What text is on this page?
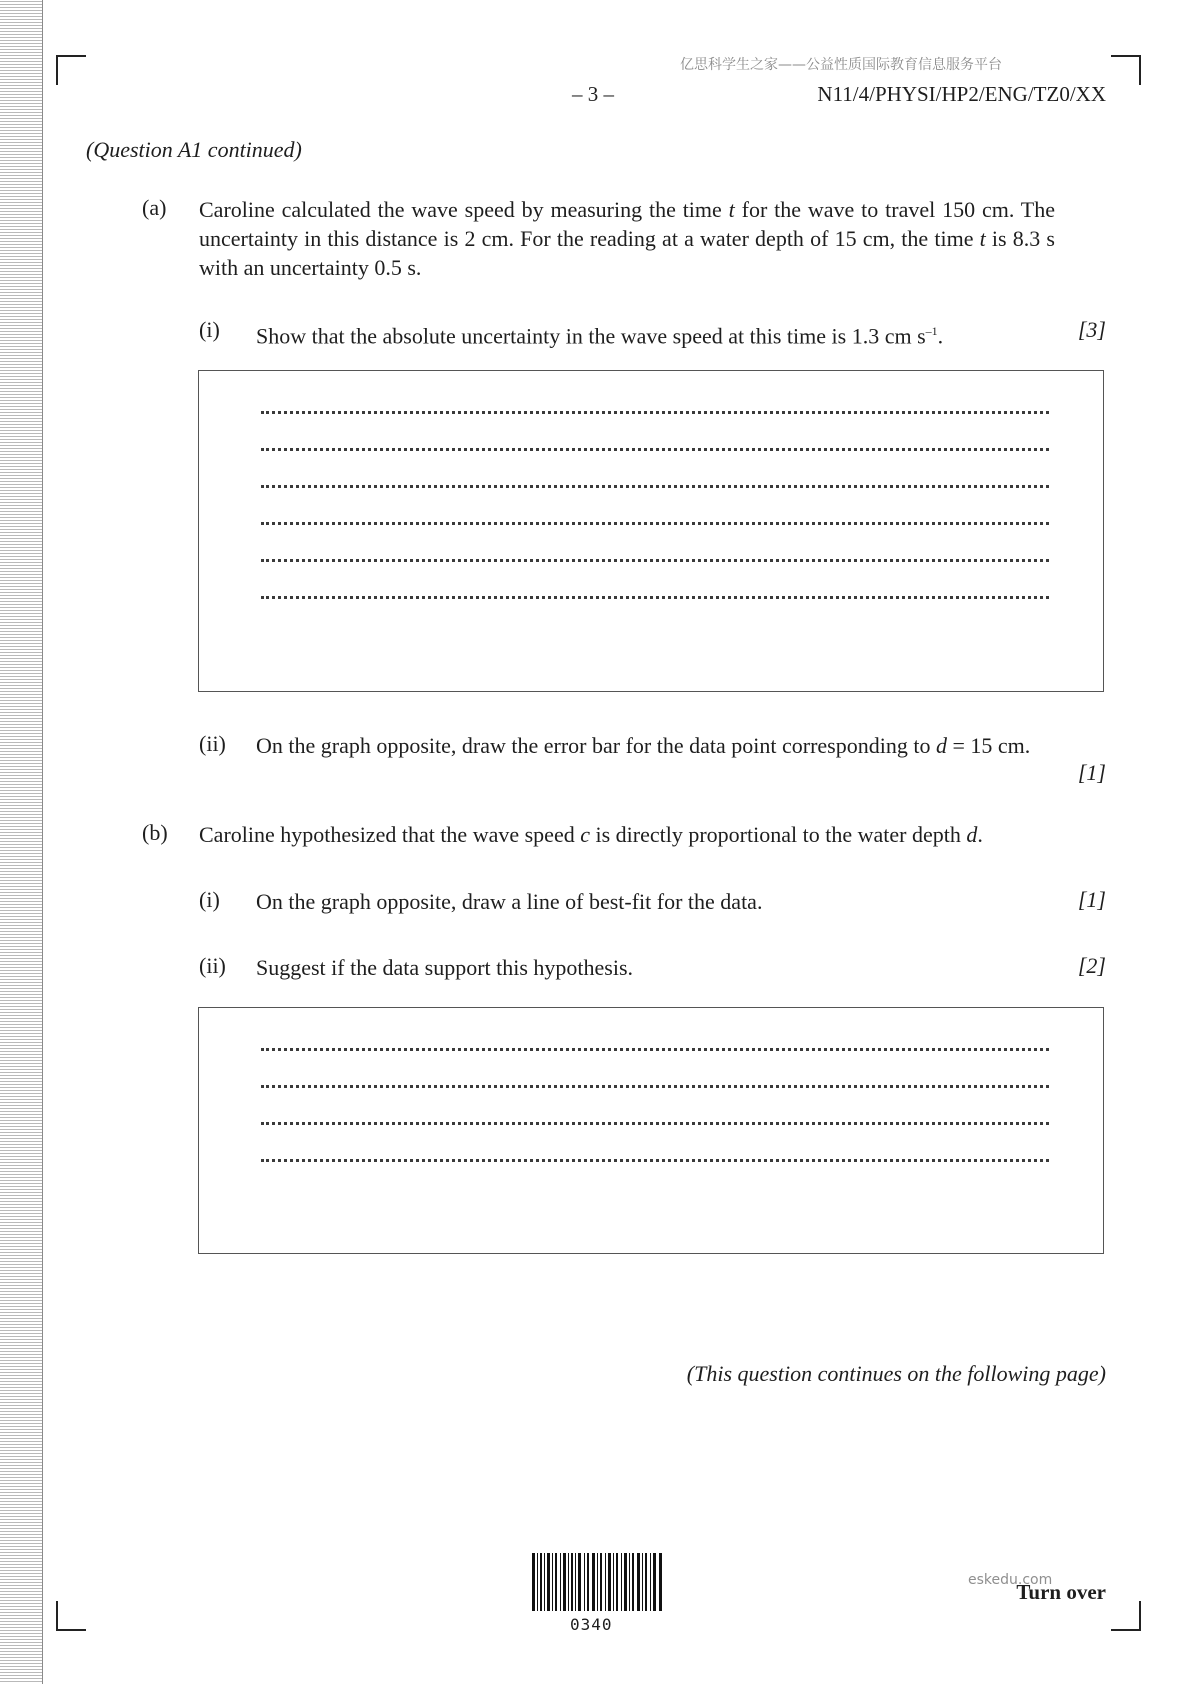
亿思科学生之家——公益性质国际教育信息服务平台
– 3 –	N11/4/PHYSI/HP2/ENG/TZ0/XX
(Question A1 continued)
(a) Caroline calculated the wave speed by measuring the time t for the wave to travel 150 cm. The uncertainty in this distance is 2 cm. For the reading at a water depth of 15 cm, the time t is 8.3 s with an uncertainty 0.5 s.
(i) Show that the absolute uncertainty in the wave speed at this time is 1.3 cm $s^{-1}$.	[3]
(ii) On the graph opposite, draw the error bar for the data point corresponding to d = 15 cm.
[1]
(b) Caroline hypothesized that the wave speed c is directly proportional to the water depth d.
(i) On the graph opposite, draw a line of best-fit for the data.	[1]
(ii) Suggest if the data support this hypothesis.	[2]
(This question continues on the following page)
0340
Turn over
eskedu.com
